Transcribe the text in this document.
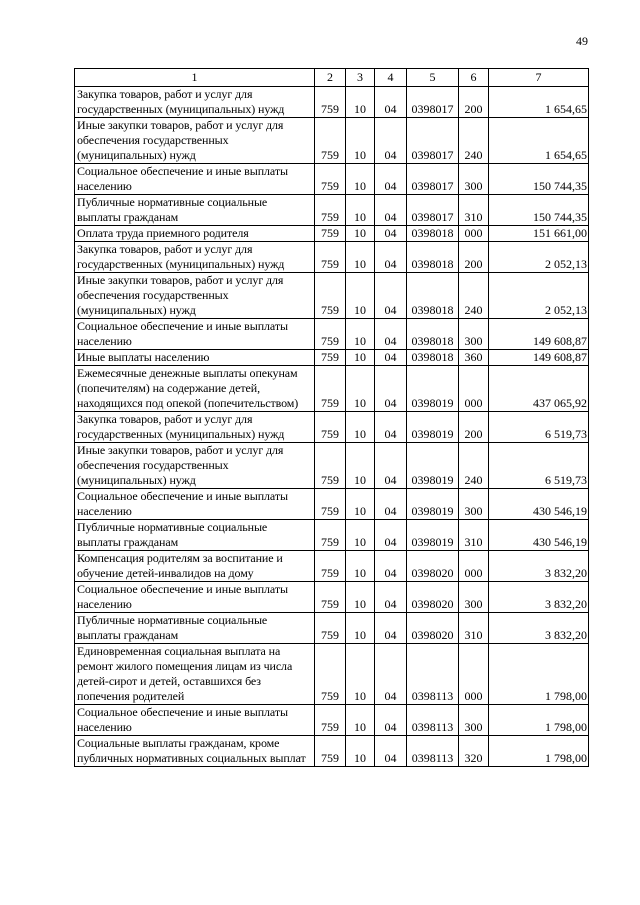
49
1	2	3	4	5	6	7
Закупка товаров, работ и услуг для государственных (муниципальных) нужд	759	10	04	0398017	200	1 654,65
Иные закупки товаров, работ и услуг для обеспечения государственных (муниципальных) нужд	759	10	04	0398017	240	1 654,65
Социальное обеспечение и иные выплаты населению	759	10	04	0398017	300	150 744,35
Публичные нормативные социальные выплаты гражданам	759	10	04	0398017	310	150 744,35
Оплата труда приемного родителя	759	10	04	0398018	000	151 661,00
Закупка товаров, работ и услуг для государственных (муниципальных) нужд	759	10	04	0398018	200	2 052,13
Иные закупки товаров, работ и услуг для обеспечения государственных (муниципальных) нужд	759	10	04	0398018	240	2 052,13
Социальное обеспечение и иные выплаты населению	759	10	04	0398018	300	149 608,87
Иные выплаты населению	759	10	04	0398018	360	149 608,87
Ежемесячные денежные выплаты опекунам (попечителям) на содержание детей, находящихся под опекой (попечительством)	759	10	04	0398019	000	437 065,92
Закупка товаров, работ и услуг для государственных (муниципальных) нужд	759	10	04	0398019	200	6 519,73
Иные закупки товаров, работ и услуг для обеспечения государственных (муниципальных) нужд	759	10	04	0398019	240	6 519,73
Социальное обеспечение и иные выплаты населению	759	10	04	0398019	300	430 546,19
Публичные нормативные социальные выплаты гражданам	759	10	04	0398019	310	430 546,19
Компенсация родителям за воспитание и обучение детей-инвалидов на дому	759	10	04	0398020	000	3 832,20
Социальное обеспечение и иные выплаты населению	759	10	04	0398020	300	3 832,20
Публичные нормативные социальные выплаты гражданам	759	10	04	0398020	310	3 832,20
Единовременная социальная выплата на ремонт жилого помещения лицам из числа детей-сирот и детей, оставшихся без попечения родителей	759	10	04	0398113	000	1 798,00
Социальное обеспечение и иные выплаты населению	759	10	04	0398113	300	1 798,00
Социальные выплаты гражданам, кроме публичных нормативных социальных выплат	759	10	04	0398113	320	1 798,00
